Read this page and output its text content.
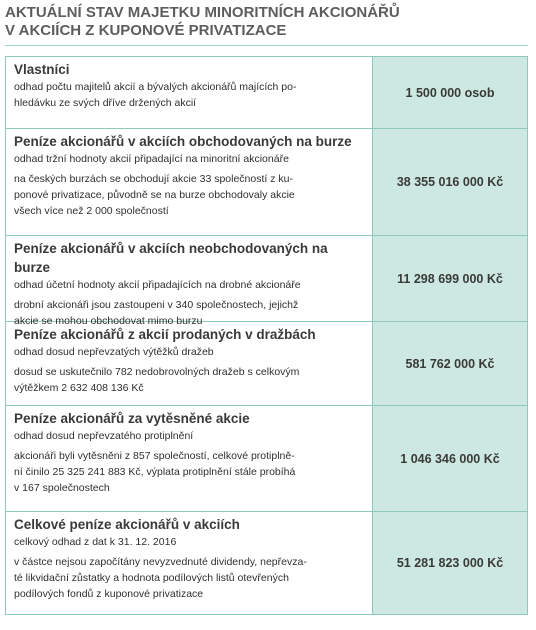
AKTUÁLNÍ STAV MAJETKU MINORITNÍCH AKCIONÁŘŮ
V AKCIÍCH Z KUPONOVÉ PRIVATIZACE
Vlastníci
odhad počtu majitelů akcií a bývalých akcionářů majících po-
hledávku ze svých dříve držených akcií
1 500 000 osob
Peníze akcionářů v akciích obchodovaných na burze
odhad tržní hodnoty akcií připadající na minoritní akcionáře
na českých burzách se obchodují akcie 33 společností z ku-
ponové privatizace, původně se na burze obchodovaly akcie
všech více než 2 000 společností
38 355 016 000 Kč
Peníze akcionářů v akciích neobchodovaných na burze
odhad účetní hodnoty akcií připadajících na drobné akcionáře
drobní akcionáři jsou zastoupeni v 340 společnostech, jejichž
akcie se mohou obchodovat mimo burzu
11 298 699 000 Kč
Peníze akcionářů z akcií prodaných v dražbách
odhad dosud nepřevzatých výtěžků dražeb
dosud se uskutečnilo 782 nedobrovolných dražeb s celkovým
výtěžkem 2 632 408 136 Kč
581 762 000 Kč
Peníze akcionářů za vytěsněné akcie
odhad dosud nepřevzatého protiplnění
akcionáři byli vytěsněni z 857 společností, celkové protiplně-
ní činilo 25 325 241 883 Kč, výplata protiplnění stále probíhá
v 167 společnostech
1 046 346 000 Kč
Celkové peníze akcionářů v akciích
celkový odhad z dat k 31. 12. 2016
v částce nejsou započítány nevyzvednuté dividendy, nepřevza-
té likvidační zůstatky a hodnota podílových listů otevřených
podílových fondů z kuponové privatizace
51 281 823 000 Kč
